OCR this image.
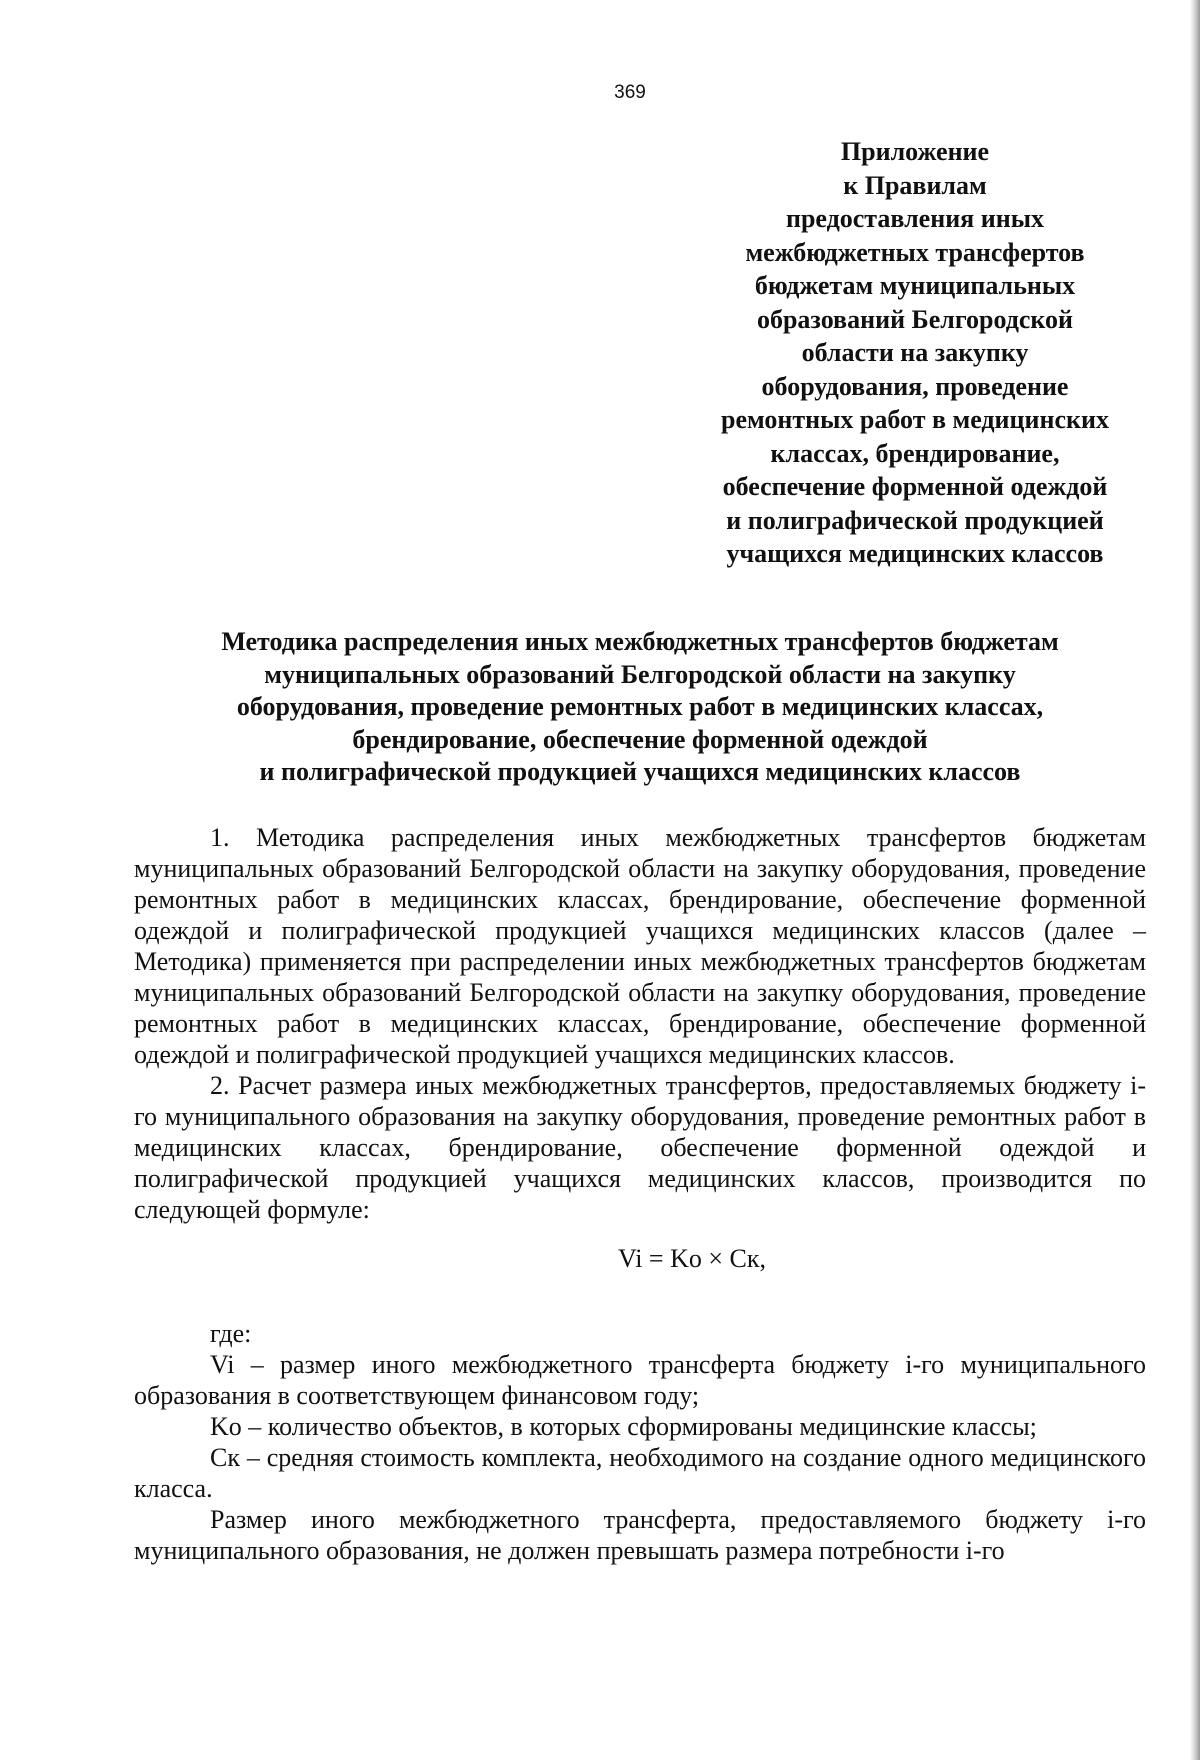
369
Приложение
к Правилам
предоставления иных
межбюджетных трансфертов
бюджетам муниципальных
образований Белгородской
области на закупку
оборудования, проведение
ремонтных работ в медицинских
классах, брендирование,
обеспечение форменной одеждой
и полиграфической продукцией
учащихся медицинских классов
Методика распределения иных межбюджетных трансфертов бюджетам
муниципальных образований Белгородской области на закупку
оборудования, проведение ремонтных работ в медицинских классах,
брендирование, обеспечение форменной одеждой
и полиграфической продукцией учащихся медицинских классов

1. Методика распределения иных межбюджетных трансфертов бюджетам муниципальных образований Белгородской области на закупку оборудования, проведение ремонтных работ в медицинских классах, брендирование, обеспечение форменной одеждой и полиграфической продукцией учащихся медицинских классов (далее – Методика) применяется при распределении иных межбюджетных трансфертов бюджетам муниципальных образований Белгородской области на закупку оборудования, проведение ремонтных работ в медицинских классах, брендирование, обеспечение форменной одеждой и полиграфической продукцией учащихся медицинских классов.

2. Расчет размера иных межбюджетных трансфертов, предоставляемых бюджету i-го муниципального образования на закупку оборудования, проведение ремонтных работ в медицинских классах, брендирование, обеспечение форменной одеждой и полиграфической продукцией учащихся медицинских классов, производится по следующей формуле:

Vi = Ko × Cк,

где:

Vi – размер иного межбюджетного трансферта бюджету i-го муниципального образования в соответствующем финансовом году;

Ko – количество объектов, в которых сформированы медицинские классы;

Cк – средняя стоимость комплекта, необходимого на создание одного медицинского класса.

Размер иного межбюджетного трансферта, предоставляемого бюджету i-го муниципального образования, не должен превышать размера потребности i-го
